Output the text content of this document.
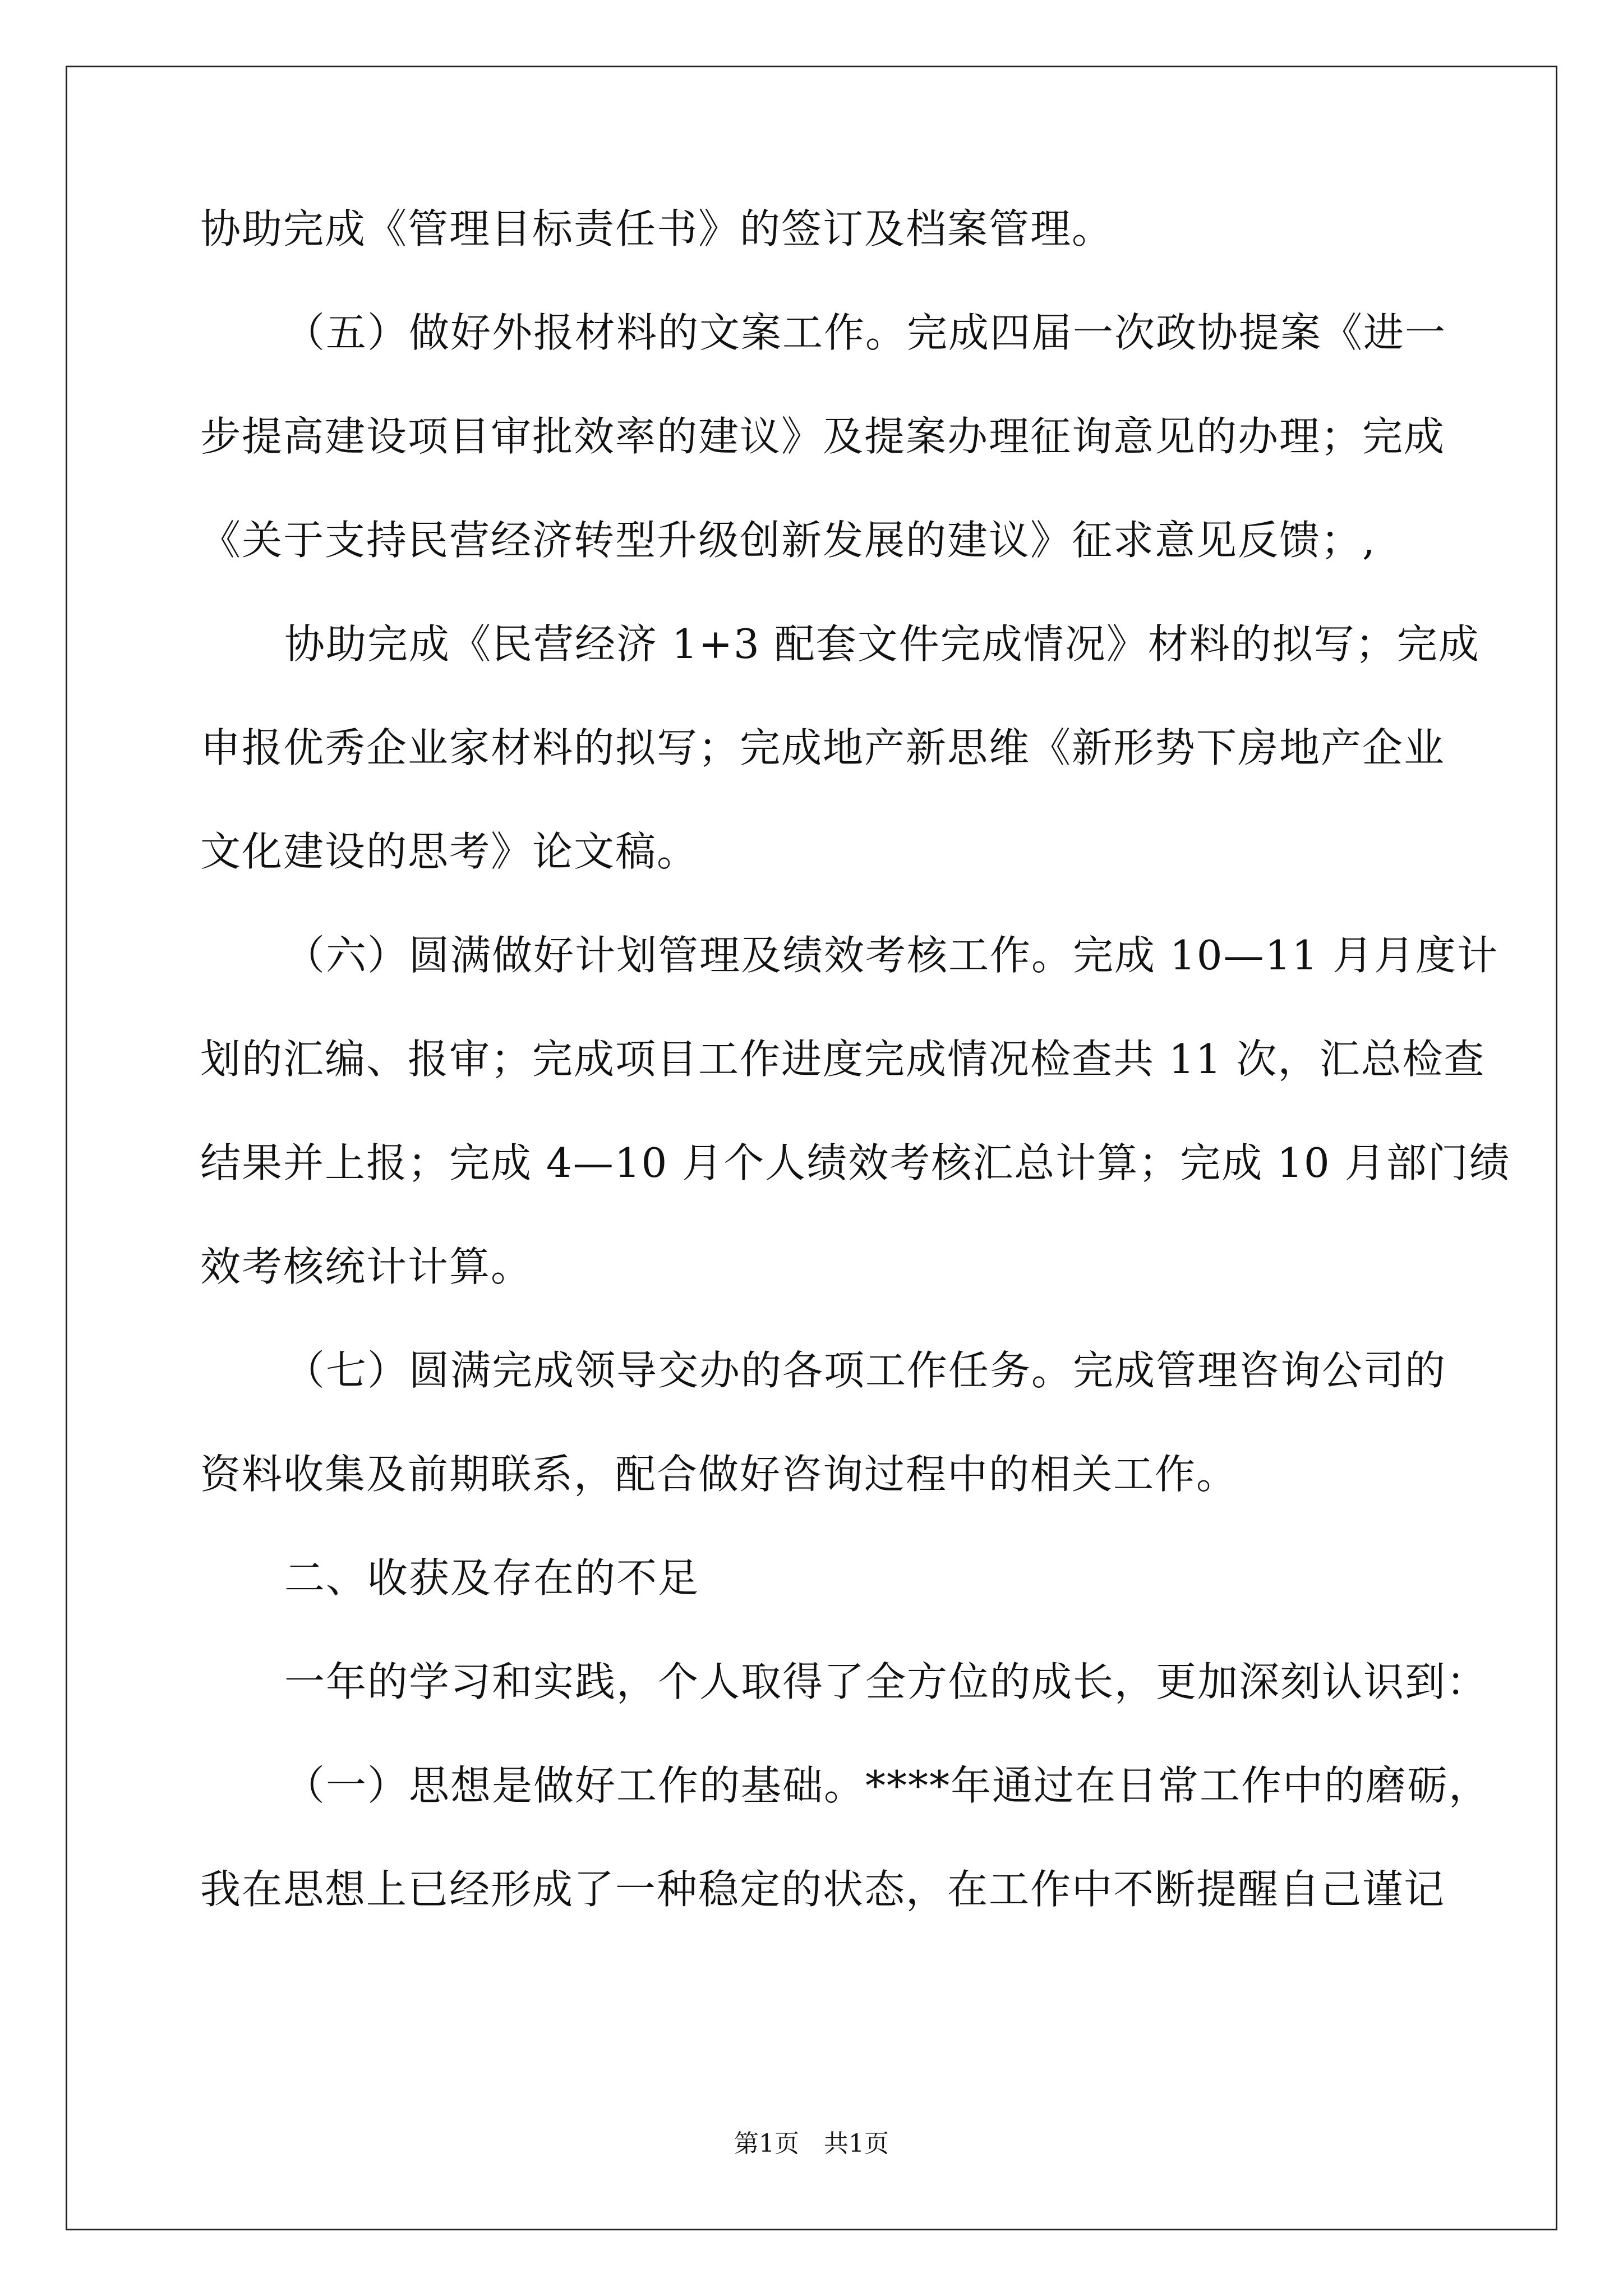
协助完成《管理目标责任书》的签订及档案管理。
（五）做好外报材料的文案工作。完成四届一次政协提案《进一
步提高建设项目审批效率的建议》及提案办理征询意见的办理；完成
《关于支持民营经济转型升级创新发展的建议》征求意见反馈；,
协助完成《民营经济 1+3 配套文件完成情况》材料的拟写；完成
申报优秀企业家材料的拟写；完成地产新思维《新形势下房地产企业
文化建设的思考》论文稿。
（六）圆满做好计划管理及绩效考核工作。完成 10—11 月月度计
划的汇编、报审；完成项目工作进度完成情况检查共 11 次，汇总检查
结果并上报；完成 4—10 月个人绩效考核汇总计算；完成 10 月部门绩
效考核统计计算。
（七）圆满完成领导交办的各项工作任务。完成管理咨询公司的
资料收集及前期联系，配合做好咨询过程中的相关工作。
二、收获及存在的不足
一年的学习和实践，个人取得了全方位的成长，更加深刻认识到：
（一）思想是做好工作的基础。****年通过在日常工作中的磨砺，
我在思想上已经形成了一种稳定的状态，在工作中不断提醒自己谨记
第1页　共1页
